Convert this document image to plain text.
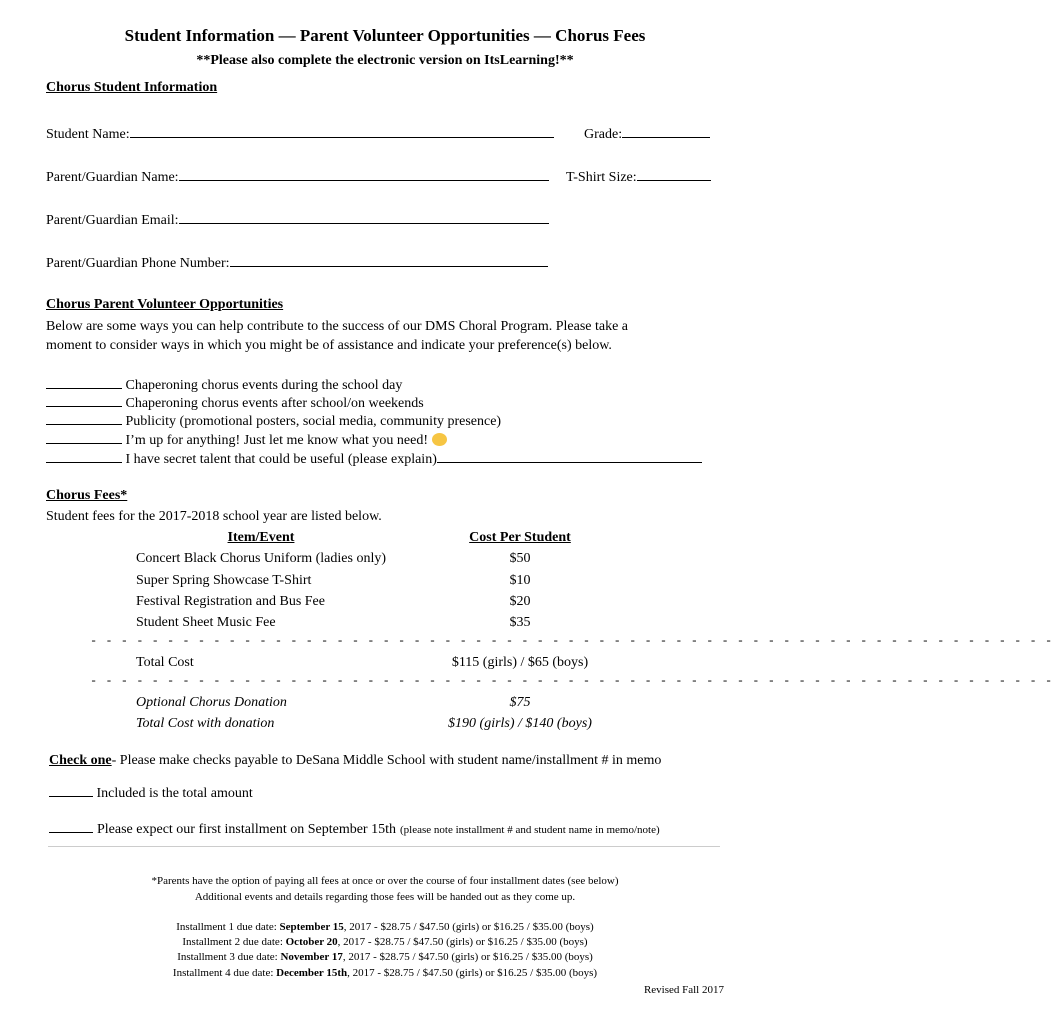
Student Information — Parent Volunteer Opportunities — Chorus Fees
**Please also complete the electronic version on ItsLearning!**
Chorus Student Information
Student Name:	Grade:
Parent/Guardian Name:	T-Shirt Size:
Parent/Guardian Email:
Parent/Guardian Phone Number:
Chorus Parent Volunteer Opportunities
Below are some ways you can help contribute to the success of our DMS Choral Program. Please take a
moment to consider ways in which you might be of assistance and indicate your preference(s) below.
Chaperoning chorus events during the school day
Chaperoning chorus events after school/on weekends
Publicity (promotional posters, social media, community presence)
I’m up for anything! Just let me know what you need!
I have secret talent that could be useful (please explain)
Chorus Fees*
Student fees for the 2017-2018 school year are listed below.
Item/Event	Cost Per Student
Concert Black Chorus Uniform (ladies only)	$50
Super Spring Showcase T-Shirt	$10
Festival Registration and Bus Fee	$20
Student Sheet Music Fee	$35
- - - - - - - - - - - - - - - - - - - - - - - - - - - - - - - - - - - - - - - - - - - - - - - - - - - - - - - - - - - - - - -
Total Cost	$115 (girls) / $65 (boys)
- - - - - - - - - - - - - - - - - - - - - - - - - - - - - - - - - - - - - - - - - - - - - - - - - - - - - - - - - - - - - - -
Optional Chorus Donation	$75
Total Cost with donation	$190 (girls) / $140 (boys)
Check one- Please make checks payable to DeSana Middle School with student name/installment # in memo
Included is the total amount
Please expect our first installment on September 15th (please note installment # and student name in memo/note)
*Parents have the option of paying all fees at once or over the course of four installment dates (see below)
Additional events and details regarding those fees will be handed out as they come up.
Installment 1 due date: September 15, 2017 - $28.75 / $47.50 (girls) or $16.25 / $35.00 (boys)
Installment 2 due date: October 20, 2017 - $28.75 / $47.50 (girls) or $16.25 / $35.00 (boys)
Installment 3 due date: November 17, 2017 - $28.75 / $47.50 (girls) or $16.25 / $35.00 (boys)
Installment 4 due date: December 15th, 2017 - $28.75 / $47.50 (girls) or $16.25 / $35.00 (boys)
Revised Fall 2017
